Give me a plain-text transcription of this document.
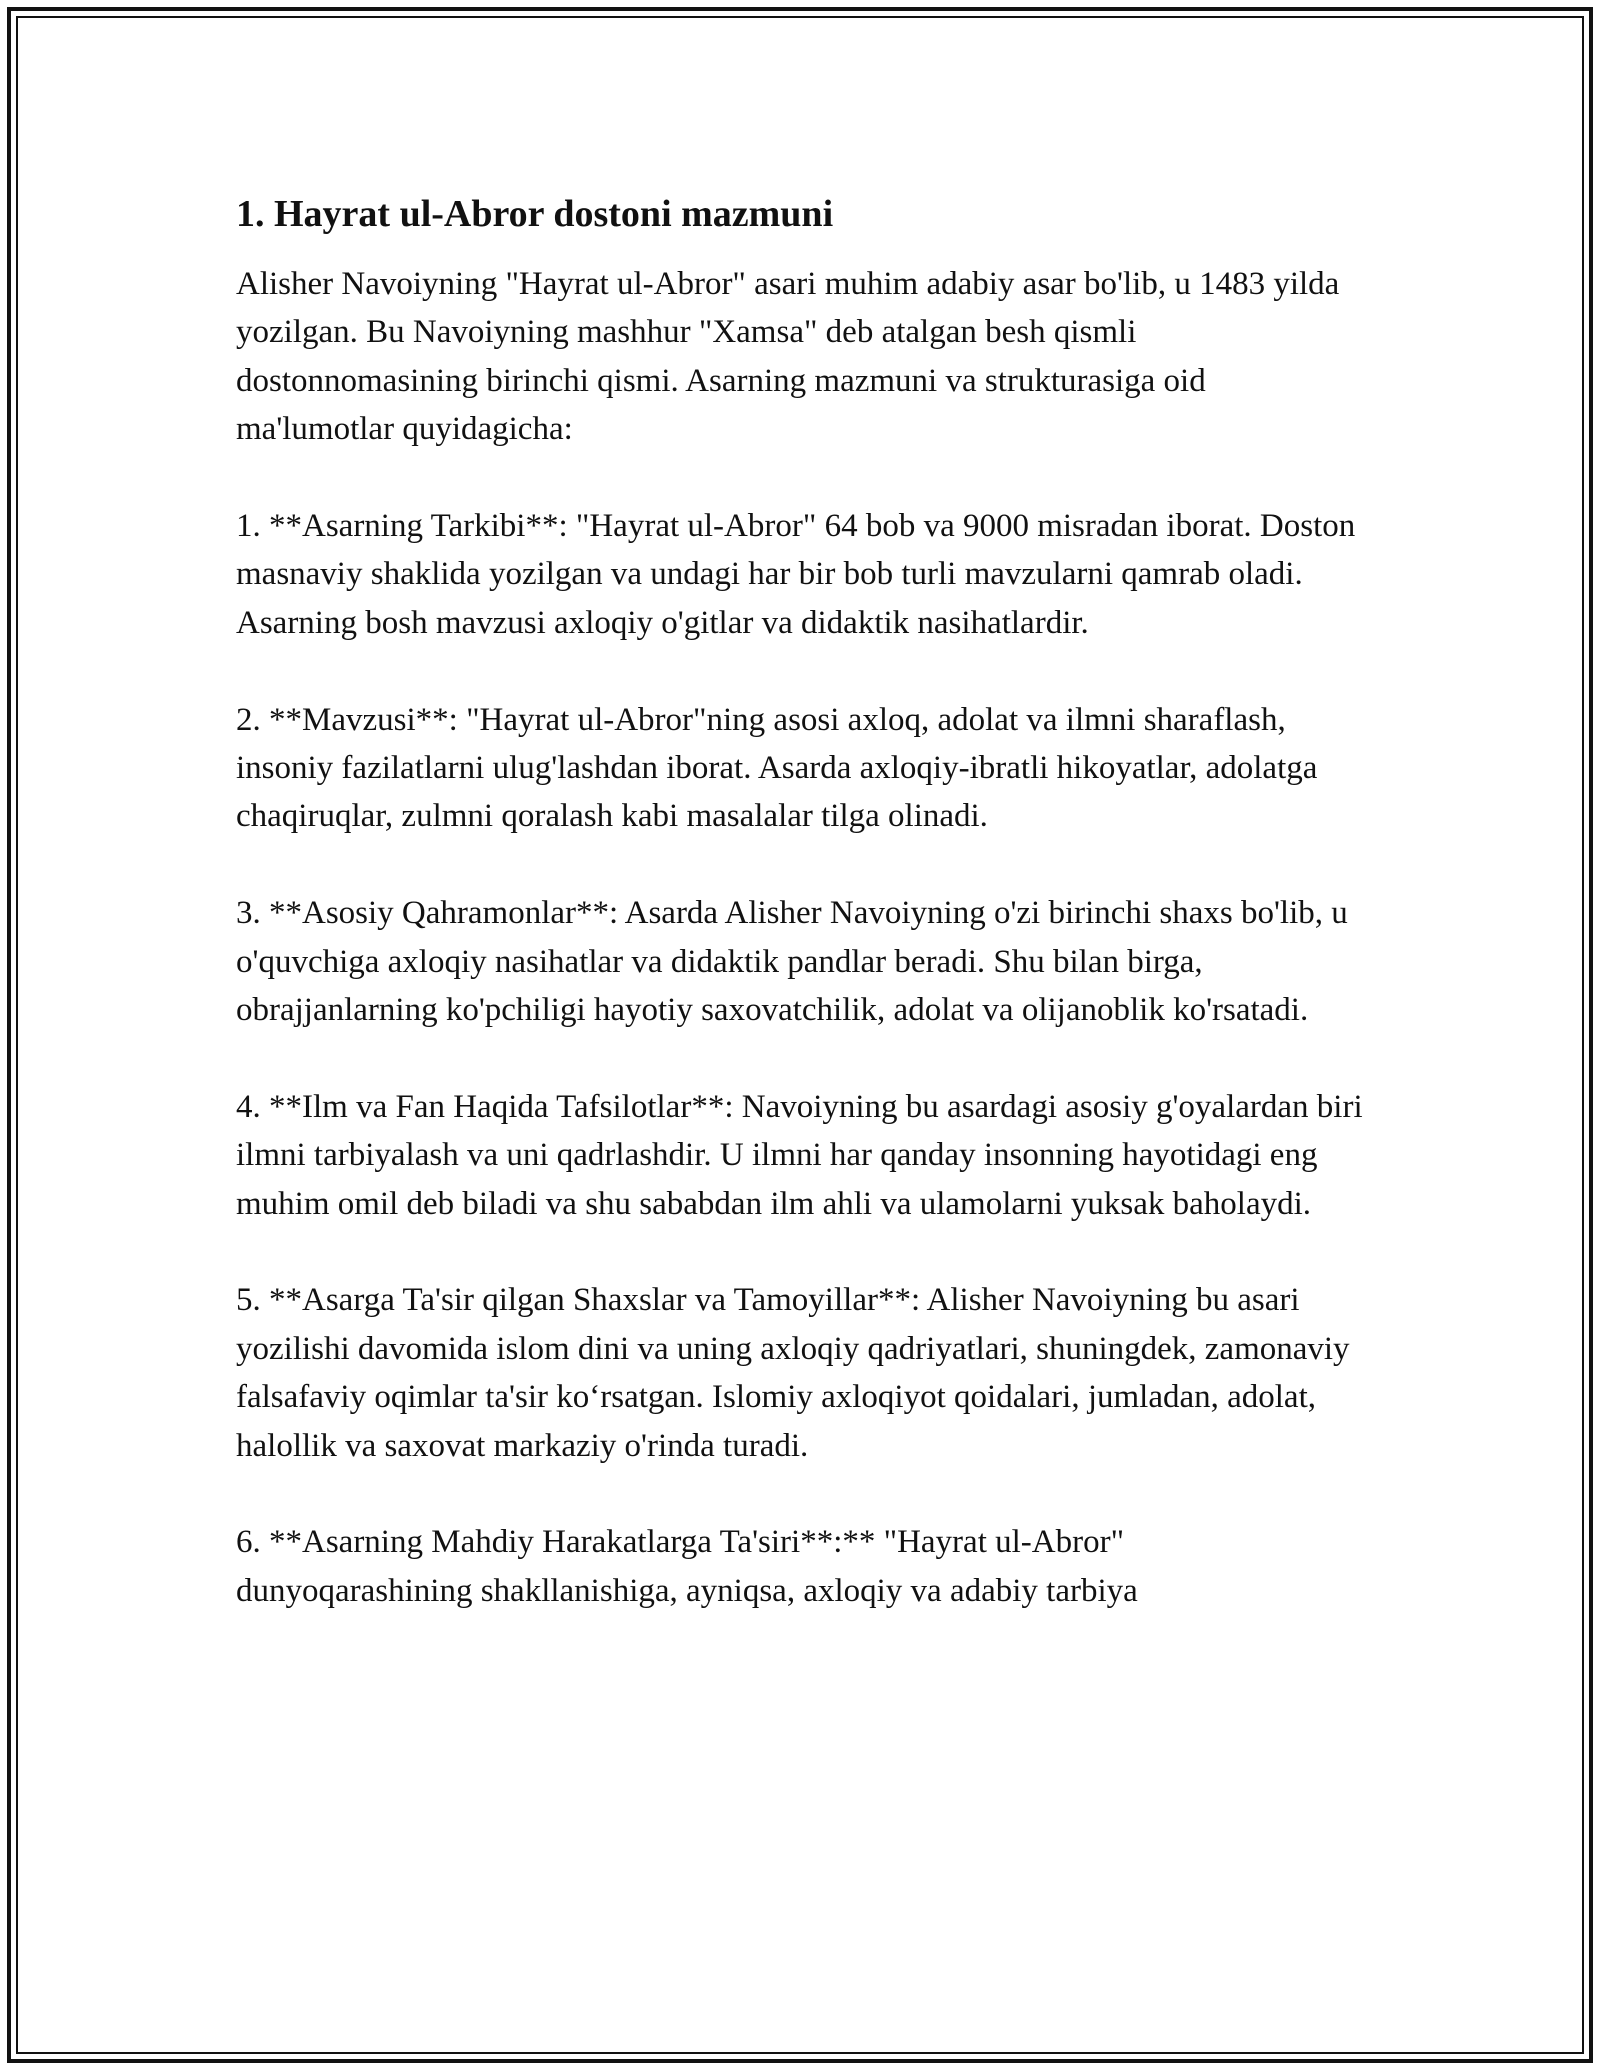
1. Hayrat ul-Abror dostoni mazmuni

Alisher Navoiyning "Hayrat ul-Abror" asari muhim adabiy asar bo'lib, u 1483 yilda yozilgan. Bu Navoiyning mashhur "Xamsa" deb atalgan besh qismli dostonnomasining birinchi qismi. Asarning mazmuni va strukturasiga oid ma'lumotlar quyidagicha:

1. **Asarning Tarkibi**: "Hayrat ul-Abror" 64 bob va 9000 misradan iborat. Doston masnaviy shaklida yozilgan va undagi har bir bob turli mavzularni qamrab oladi. Asarning bosh mavzusi axloqiy o'gitlar va didaktik nasihatlardir.

2. **Mavzusi**: "Hayrat ul-Abror"ning asosi axloq, adolat va ilmni sharaflash, insoniy fazilatlarni ulug'lashdan iborat. Asarda axloqiy-ibratli hikoyatlar, adolatga chaqiruqlar, zulmni qoralash kabi masalalar tilga olinadi.

3. **Asosiy Qahramonlar**: Asarda Alisher Navoiyning o'zi birinchi shaxs bo'lib, u o'quvchiga axloqiy nasihatlar va didaktik pandlar beradi. Shu bilan birga, obrajjanlarning ko'pchiligi hayotiy saxovatchilik, adolat va olijanoblik ko'rsatadi.

4. **Ilm va Fan Haqida Tafsilotlar**: Navoiyning bu asardagi asosiy g'oyalardan biri ilmni tarbiyalash va uni qadrlashdir. U ilmni har qanday insonning hayotidagi eng muhim omil deb biladi va shu sababdan ilm ahli va ulamolarni yuksak baholaydi.

5. **Asarga Ta'sir qilgan Shaxslar va Tamoyillar**: Alisher Navoiyning bu asari yozilishi davomida islom dini va uning axloqiy qadriyatlari, shuningdek, zamonaviy falsafaviy oqimlar ta'sir ko‘rsatgan. Islomiy axloqiyot qoidalari, jumladan, adolat, halollik va saxovat markaziy o'rinda turadi.

6. **Asarning Mahdiy Harakatlarga Ta'siri**:** "Hayrat ul-Abror" dunyoqarashining shakllanishiga, ayniqsa, axloqiy va adabiy tarbiya
